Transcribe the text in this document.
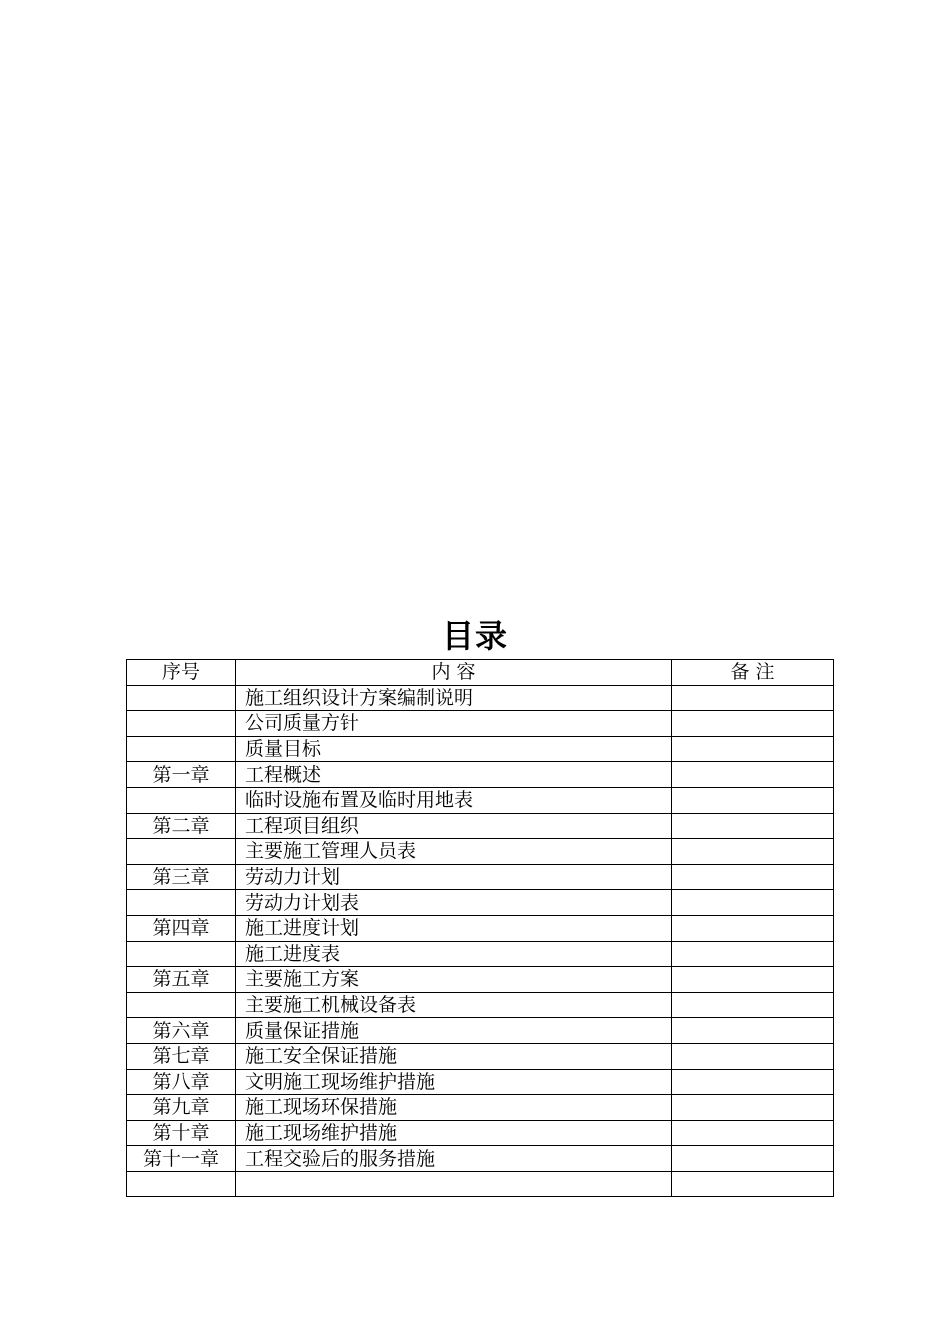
目录
序号	内 容	备 注
	施工组织设计方案编制说明	
	公司质量方针	
	质量目标	
第一章	工程概述	
	临时设施布置及临时用地表	
第二章	工程项目组织	
	主要施工管理人员表	
第三章	劳动力计划	
	劳动力计划表	
第四章	施工进度计划	
	施工进度表	
第五章	主要施工方案	
	主要施工机械设备表	
第六章	质量保证措施	
第七章	施工安全保证措施	
第八章	文明施工现场维护措施	
第九章	施工现场环保措施	
第十章	施工现场维护措施	
第十一章	工程交验后的服务措施	
